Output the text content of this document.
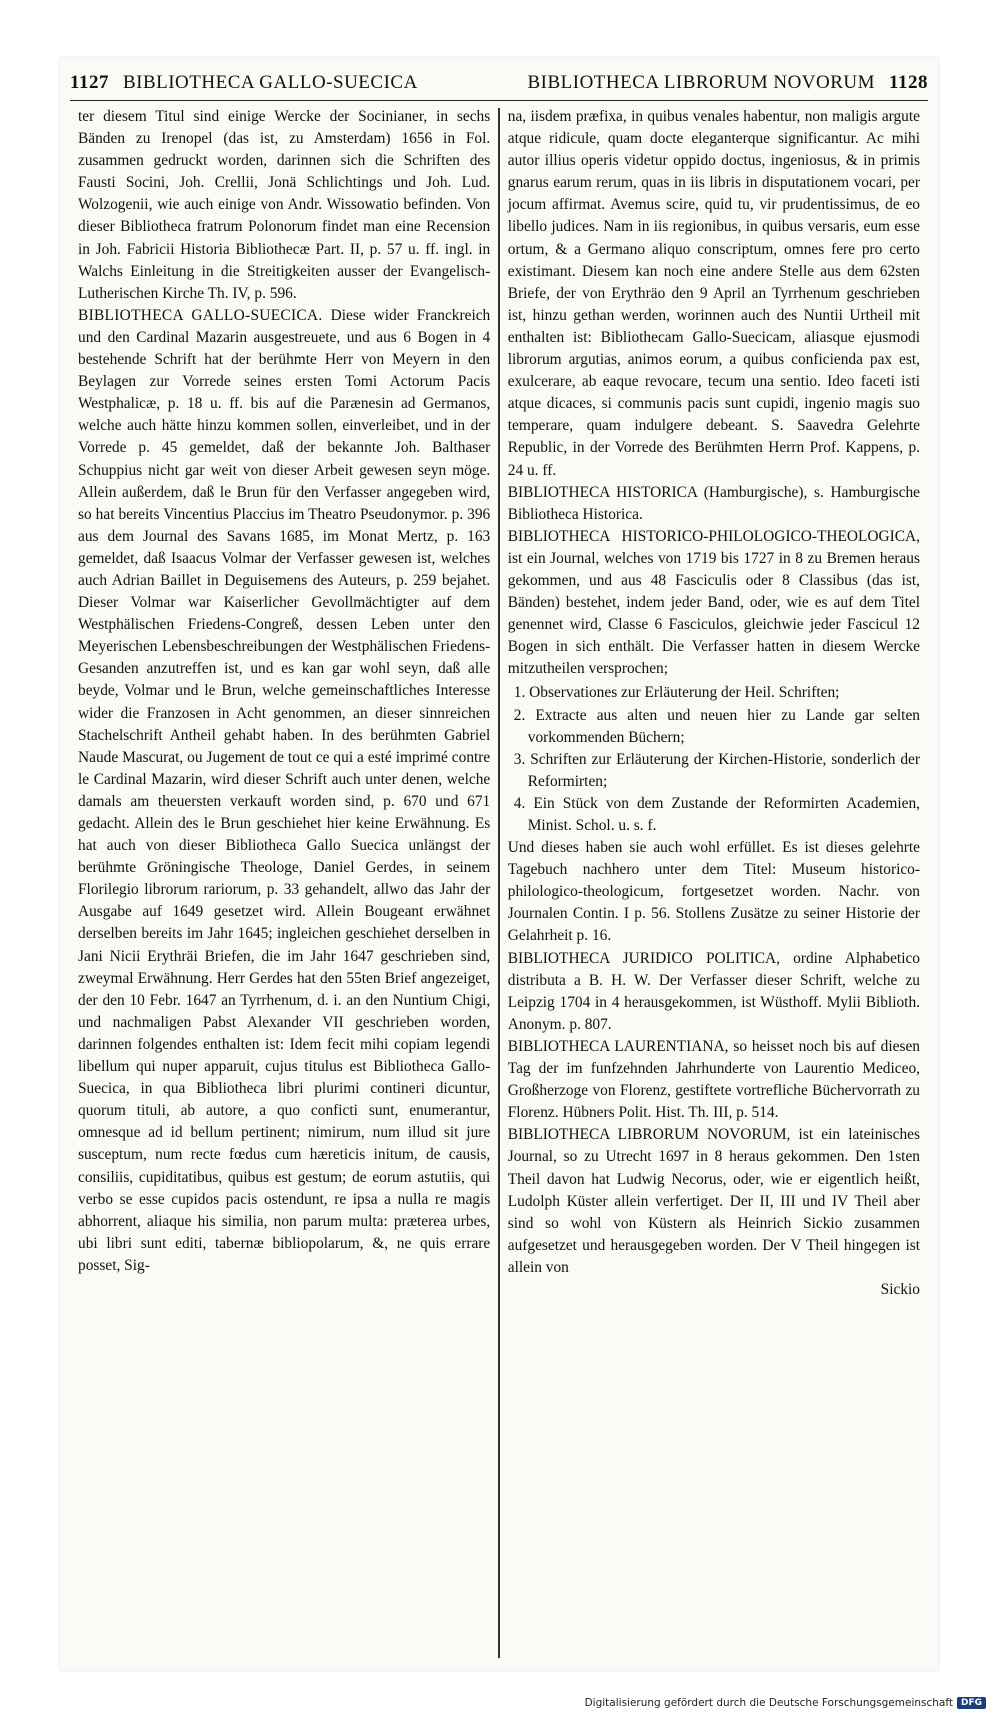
1127 BIBLIOTHECA GALLO-SUECICA	BIBLIOTHECA LIBRORUM NOVORUM 1128

ter diesem Titul sind einige Wercke der Socinianer, in sechs Bänden zu Irenopel (das ist, zu Amsterdam) 1656 in Fol. zusammen gedruckt worden, darinnen sich die Schriften des Fausti Socini, Joh. Crellii, Jonä Schlichtings und Joh. Lud. Wolzogenii, wie auch einige von Andr. Wissowatio befinden. Von dieser Bibliotheca fratrum Polonorum findet man eine Recension in Joh. Fabricii Historia Bibliothecæ Part. II, p. 57 u. ff. ingl. in Walchs Einleitung in die Streitigkeiten ausser der Evangelisch-Lutherischen Kirche Th. IV, p. 596.

BIBLIOTHECA GALLO-SUECICA. Diese wider Franckreich und den Cardinal Mazarin ausgestreuete, und aus 6 Bogen in 4 bestehende Schrift hat der berühmte Herr von Meyern in den Beylagen zur Vorrede seines ersten Tomi Actorum Pacis Westphalicæ, p. 18 u. ff. bis auf die Parænesin ad Germanos, welche auch hätte hinzu kommen sollen, einverleibet, und in der Vorrede p. 45 gemeldet, daß der bekannte Joh. Balthaser Schuppius nicht gar weit von dieser Arbeit gewesen seyn möge. Allein außerdem, daß le Brun für den Verfasser angegeben wird, so hat bereits Vincentius Placcius im Theatro Pseudonymor. p. 396 aus dem Journal des Savans 1685, im Monat Mertz, p. 163 gemeldet, daß Isaacus Volmar der Verfasser gewesen ist, welches auch Adrian Baillet in Deguisemens des Auteurs, p. 259 bejahet. Dieser Volmar war Kaiserlicher Gevollmächtigter auf dem Westphälischen Friedens-Congreß, dessen Leben unter den Meyerischen Lebensbeschreibungen der Westphälischen Friedens-Gesanden anzutreffen ist, und es kan gar wohl seyn, daß alle beyde, Volmar und le Brun, welche gemeinschaftliches Interesse wider die Franzosen in Acht genommen, an dieser sinnreichen Stachelschrift Antheil gehabt haben. In des berühmten Gabriel Naude Mascurat, ou Jugement de tout ce qui a esté imprimé contre le Cardinal Mazarin, wird dieser Schrift auch unter denen, welche damals am theuersten verkauft worden sind, p. 670 und 671 gedacht. Allein des le Brun geschiehet hier keine Erwähnung. Es hat auch von dieser Bibliotheca Gallo Suecica unlängst der berühmte Gröningische Theologe, Daniel Gerdes, in seinem Florilegio librorum rariorum, p. 33 gehandelt, allwo das Jahr der Ausgabe auf 1649 gesetzet wird. Allein Bougeant erwähnet derselben bereits im Jahr 1645; ingleichen geschiehet derselben in Jani Nicii Erythräi Briefen, die im Jahr 1647 geschrieben sind, zweymal Erwähnung. Herr Gerdes hat den 55ten Brief angezeiget, der den 10 Febr. 1647 an Tyrrhenum, d. i. an den Nuntium Chigi, und nachmaligen Pabst Alexander VII geschrieben worden, darinnen folgendes enthalten ist: Idem fecit mihi copiam legendi libellum qui nuper apparuit, cujus titulus est Bibliotheca Gallo-Suecica, in qua Bibliotheca libri plurimi contineri dicuntur, quorum tituli, ab autore, a quo conficti sunt, enumerantur, omnesque ad id bellum pertinent; nimirum, num illud sit jure susceptum, num recte fœdus cum hæreticis initum, de causis, consiliis, cupiditatibus, quibus est gestum; de eorum astutiis, qui verbo se esse cupidos pacis ostendunt, re ipsa a nulla re magis abhorrent, aliaque his similia, non parum multa: præterea urbes, ubi libri sunt editi, tabernæ bibliopolarum, &, ne quis errare posset, Sig-

na, iisdem præfixa, in quibus venales habentur, non maligis argute atque ridicule, quam docte eleganterque significantur. Ac mihi autor illius operis videtur oppido doctus, ingeniosus, & in primis gnarus earum rerum, quas in iis libris in disputationem vocari, per jocum affirmat. Avemus scire, quid tu, vir prudentissimus, de eo libello judices. Nam in iis regionibus, in quibus versaris, eum esse ortum, & a Germano aliquo conscriptum, omnes fere pro certo existimant. Diesem kan noch eine andere Stelle aus dem 62sten Briefe, der von Erythräo den 9 April an Tyrrhenum geschrieben ist, hinzu gethan werden, worinnen auch des Nuntii Urtheil mit enthalten ist: Bibliothecam Gallo-Suecicam, aliasque ejusmodi librorum argutias, animos eorum, a quibus conficienda pax est, exulcerare, ab eaque revocare, tecum una sentio. Ideo faceti isti atque dicaces, si communis pacis sunt cupidi, ingenio magis suo temperare, quam indulgere debeant. S. Saavedra Gelehrte Republic, in der Vorrede des Berühmten Herrn Prof. Kappens, p. 24 u. ff.

BIBLIOTHECA HISTORICA (Hamburgische), s. Hamburgische Bibliotheca Historica.

BIBLIOTHECA HISTORICO-PHILOLOGICO-THEOLOGICA, ist ein Journal, welches von 1719 bis 1727 in 8 zu Bremen heraus gekommen, und aus 48 Fasciculis oder 8 Classibus (das ist, Bänden) bestehet, indem jeder Band, oder, wie es auf dem Titel genennet wird, Classe 6 Fasciculos, gleichwie jeder Fascicul 12 Bogen in sich enthält. Die Verfasser hatten in diesem Wercke mitzutheilen versprochen;

1. Observationes zur Erläuterung der Heil. Schriften;
2. Extracte aus alten und neuen hier zu Lande gar selten vorkommenden Büchern;
3. Schriften zur Erläuterung der Kirchen-Historie, sonderlich der Reformirten;
4. Ein Stück von dem Zustande der Reformirten Academien, Minist. Schol. u. s. f.

Und dieses haben sie auch wohl erfüllet. Es ist dieses gelehrte Tagebuch nachhero unter dem Titel: Museum historico-philologico-theologicum, fortgesetzet worden. Nachr. von Journalen Contin. I p. 56. Stollens Zusätze zu seiner Historie der Gelahrheit p. 16.

BIBLIOTHECA JURIDICO POLITICA, ordine Alphabetico distributa a B. H. W. Der Verfasser dieser Schrift, welche zu Leipzig 1704 in 4 herausgekommen, ist Wüsthoff. Mylii Biblioth. Anonym. p. 807.

BIBLIOTHECA LAURENTIANA, so heisset noch bis auf diesen Tag der im funfzehnden Jahrhunderte von Laurentio Mediceo, Großherzoge von Florenz, gestiftete vortrefliche Büchervorrath zu Florenz. Hübners Polit. Hist. Th. III, p. 514.

BIBLIOTHECA LIBRORUM NOVORUM, ist ein lateinisches Journal, so zu Utrecht 1697 in 8 heraus gekommen. Den 1sten Theil davon hat Ludwig Necorus, oder, wie er eigentlich heißt, Ludolph Küster allein verfertiget. Der II, III und IV Theil aber sind so wohl von Küstern als Heinrich Sickio zusammen aufgesetzet und herausgegeben worden. Der V Theil hingegen ist allein von

Sickio

Digitalisierung gefördert durch die Deutsche Forschungsgemeinschaft DFG
